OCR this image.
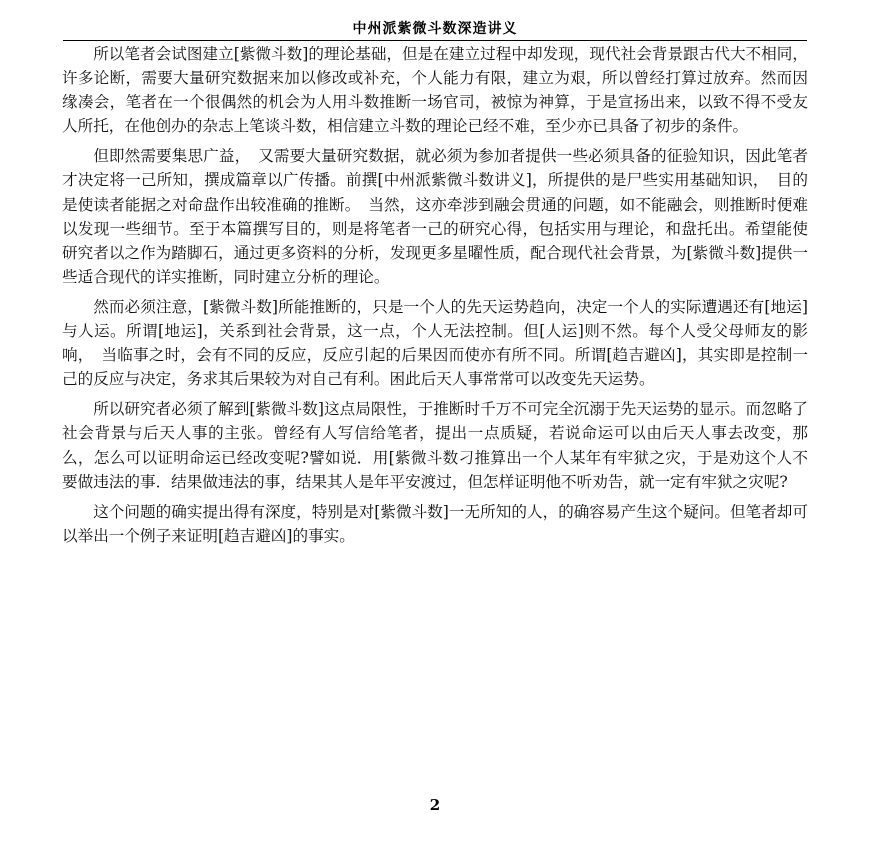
中州派紫微斗数深造讲义

所以笔者会试图建立[紫微斗数]的理论基础，但是在建立过程中却发现，现代社会背景跟古代大不相同，许多论断，需要大量研究数据来加以修改或补充，个人能力有限，建立为艰，所以曾经打算过放弃。然而因缘凑会，笔者在一个很偶然的机会为人用斗数推断一场官司，被惊为神算，于是宣扬出来，以致不得不受友人所托，在他创办的杂志上笔谈斗数，相信建立斗数的理论已经不难，至少亦已具备了初步的条件。

但即然需要集思广益，　又需要大量研究数据，就必须为参加者提供一些必须具备的征验知识，因此笔者才决定将一己所知，撰成篇章以广传播。前撰[中州派紫微斗数讲义]，所提供的是尸些实用基础知识，　目的是使读者能据之对命盘作出较准确的推断。　当然，这亦牵涉到融会贯通的问题，如不能融会，则推断时便难以发现一些细节。至于本篇撰写目的，则是将笔者一己的研究心得，包括实用与理论，和盘托出。希望能使研究者以之作为踏脚石，通过更多资料的分析，发现更多星曜性质，配合现代社会背景，为[紫微斗数]提供一些适合现代的详实推断，同时建立分析的理论。

然而必须注意，[紫微斗数]所能推断的，只是一个人的先天运势趋向，决定一个人的实际遭遇还有[地运]与人运。所谓[地运]，关系到社会背景，这一点，个人无法控制。但[人运]则不然。每个人受父母师友的影响，　当临事之时，会有不同的反应，反应引起的后果因而使亦有所不同。所谓[趋吉避凶]，其实即是控制一己的反应与决定，务求其后果较为对自己有利。困此后天人事常常可以改变先天运势。

所以研究者必须了解到[紫微斗数]这点局限性，于推断时千万不可完全沉溺于先天运势的显示。而忽略了社会背景与后天人事的主张。曾经有人写信给笔者，提出一点质疑，若说命运可以由后天人事去改变，那么，怎么可以证明命运已经改变呢?譬如说．用[紫微斗数刁推算出一个人某年有牢狱之灾，于是劝这个人不要做违法的事．结果做违法的事，结果其人是年平安渡过，但怎样证明他不听劝告，就一定有牢狱之灾呢?

这个问题的确实提出得有深度，特别是对[紫微斗数]一无所知的人，的确容易产生这个疑问。但笔者却可以举出一个例子来证明[趋吉避凶]的事实。

2
